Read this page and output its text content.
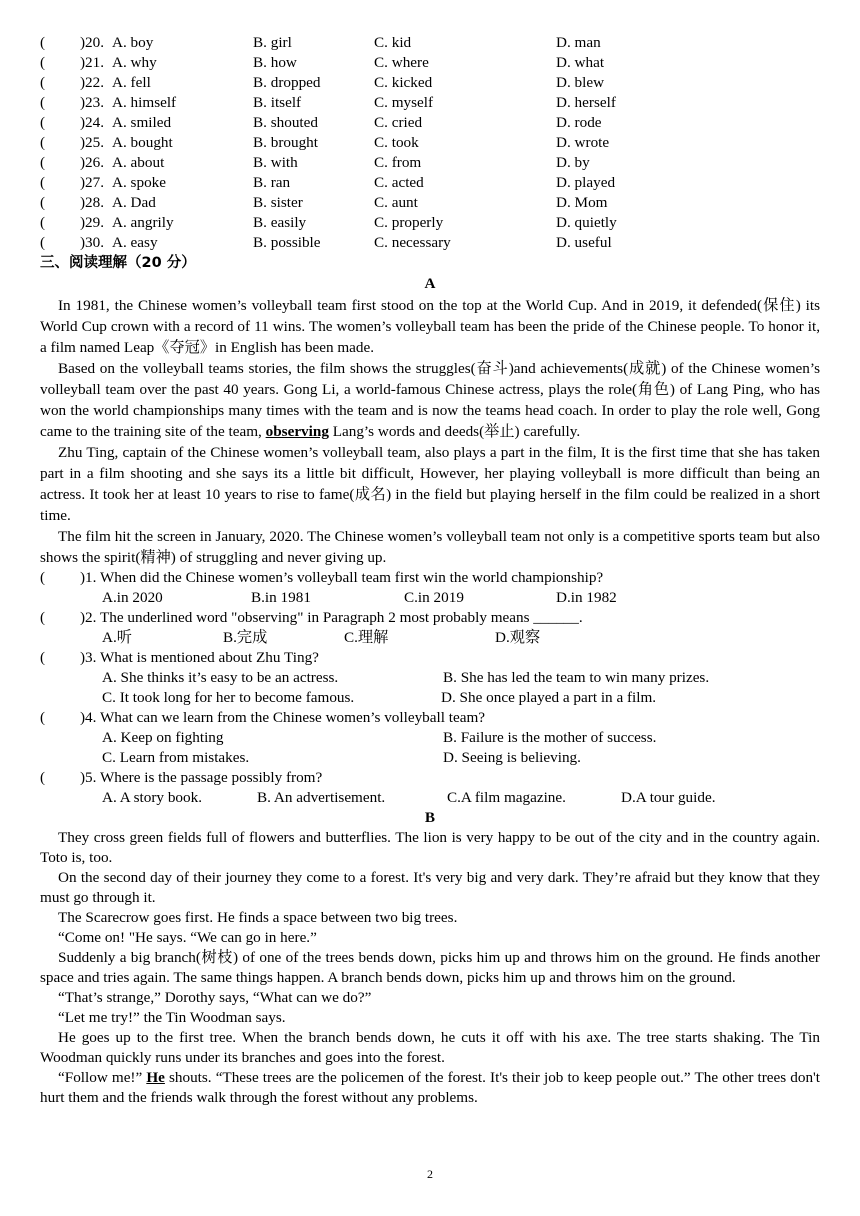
( )20. A. boy	B. girl	C. kid	D. man
( )21. A. why	B. how	C. where	D. what
( )22. A. fell	B. dropped	C. kicked	D. blew
( )23. A. himself	B. itself	C. myself	D. herself
( )24. A. smiled	B. shouted	C. cried	D. rode
( )25. A. bought	B. brought	C. took	D. wrote
( )26. A. about	B. with	C. from	D. by
( )27. A. spoke	B. ran	C. acted	D. played
( )28. A. Dad	B. sister	C. aunt	D. Mom
( )29. A. angrily	B. easily	C. properly	D. quietly
( )30. A. easy	B. possible	C. necessary	D. useful
三、阅读理解（20 分）
A

In 1981, the Chinese women’s volleyball team first stood on the top at the World Cup. And in 2019, it defended(保住) its World Cup crown with a record of 11 wins. The women’s volleyball team has been the pride of the Chinese people. To honor it, a film named Leap《夺冠》in English has been made.

Based on the volleyball teams stories, the film shows the struggles(奋斗)and achievements(成就) of the Chinese women’s volleyball team over the past 40 years. Gong Li, a world-famous Chinese actress, plays the role(角色) of Lang Ping, who has won the world championships many times with the team and is now the teams head coach. In order to play the role well, Gong came to the training site of the team, observing Lang’s words and deeds(举止) carefully.

Zhu Ting, captain of the Chinese women’s volleyball team, also plays a part in the film, It is the first time that she has taken part in a film shooting and she says its a little bit difficult, However, her playing volleyball is more difficult than being an actress. It took her at least 10 years to rise to fame(成名) in the field but playing herself in the film could be realized in a short time.

The film hit the screen in January, 2020. The Chinese women’s volleyball team not only is a competitive sports team but also shows the spirit(精神) of struggling and never giving up.

( )1. When did the Chinese women’s volleyball team first win the world championship?
A.in 2020	B.in 1981	C.in 2019	D.in 1982
( )2. The underlined word "observing" in Paragraph 2 most probably means ______.
A.听	B.完成	C.理解	D.观察
( )3. What is mentioned about Zhu Ting?
A. She thinks it’s easy to be an actress.	B. She has led the team to win many prizes.
C. It took long for her to become famous.	D. She once played a part in a film.
( )4. What can we learn from the Chinese women’s volleyball team?
A. Keep on fighting	B. Failure is the mother of success.
C. Learn from mistakes.	D. Seeing is believing.
( )5. Where is the passage possibly from?
A. A story book.	B. An advertisement.	C.A film magazine.	D.A tour guide.
B

They cross green fields full of flowers and butterflies. The lion is very happy to be out of the city and in the country again. Toto is, too.

On the second day of their journey they come to a forest. It's very big and very dark. They’re afraid but they know that they must go through it.

The Scarecrow goes first. He finds a space between two big trees.

“Come on! "He says. “We can go in here.”

Suddenly a big branch(树枝) of one of the trees bends down, picks him up and throws him on the ground. He finds another space and tries again. The same things happen. A branch bends down, picks him up and throws him on the ground.

“That’s strange,” Dorothy says, “What can we do?”

“Let me try!” the Tin Woodman says.

He goes up to the first tree. When the branch bends down, he cuts it off with his axe. The tree starts shaking. The Tin Woodman quickly runs under its branches and goes into the forest.

“Follow me!” He shouts. “These trees are the policemen of the forest. It's their job to keep people out.” The other trees don't hurt them and the friends walk through the forest without any problems.

2
